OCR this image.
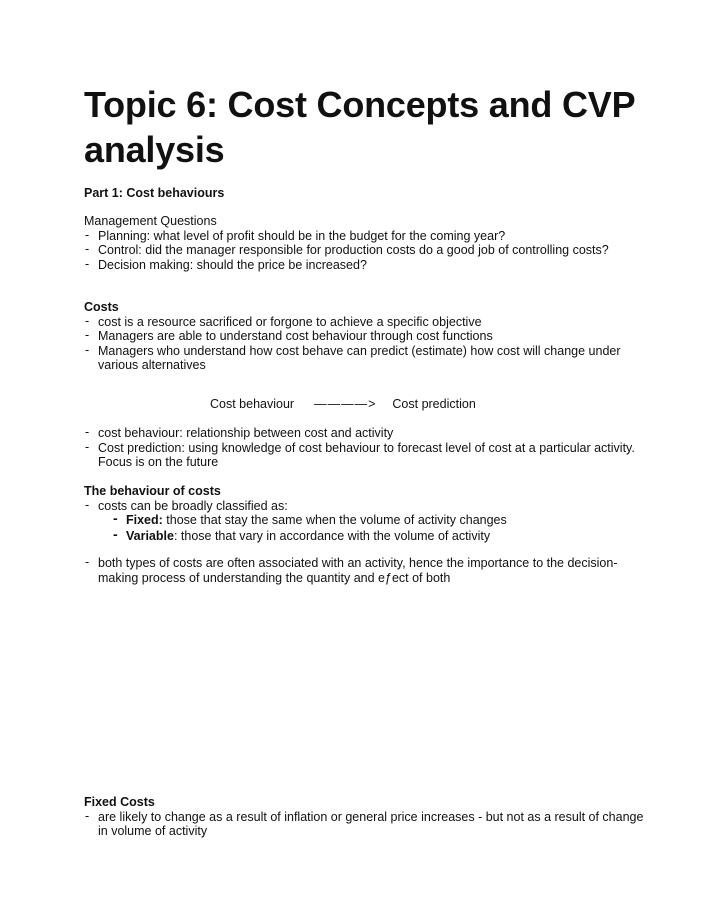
Topic 6: Cost Concepts and CVP analysis
Part 1: Cost behaviours
Management Questions
- Planning: what level of profit should be in the budget for the coming year?
- Control: did the manager responsible for production costs do a good job of controlling costs?
- Decision making: should the price be increased?
Costs
- cost is a resource sacrificed or forgone to achieve a specific objective
- Managers are able to understand cost behaviour through cost functions
- Managers who understand how cost behave can predict (estimate) how cost will change under various alternatives
Cost behaviour ————> Cost prediction
- cost behaviour: relationship between cost and activity
- Cost prediction: using knowledge of cost behaviour to forecast level of cost at a particular activity. Focus is on the future
The behaviour of costs
- costs can be broadly classified as:
- Fixed: those that stay the same when the volume of activity changes
- Variable: those that vary in accordance with the volume of activity
- both types of costs are often associated with an activity, hence the importance to the decision-making process of understanding the quantity and eƒect of both
Fixed Costs
- are likely to change as a result of inflation or general price increases - but not as a result of change in volume of activity
